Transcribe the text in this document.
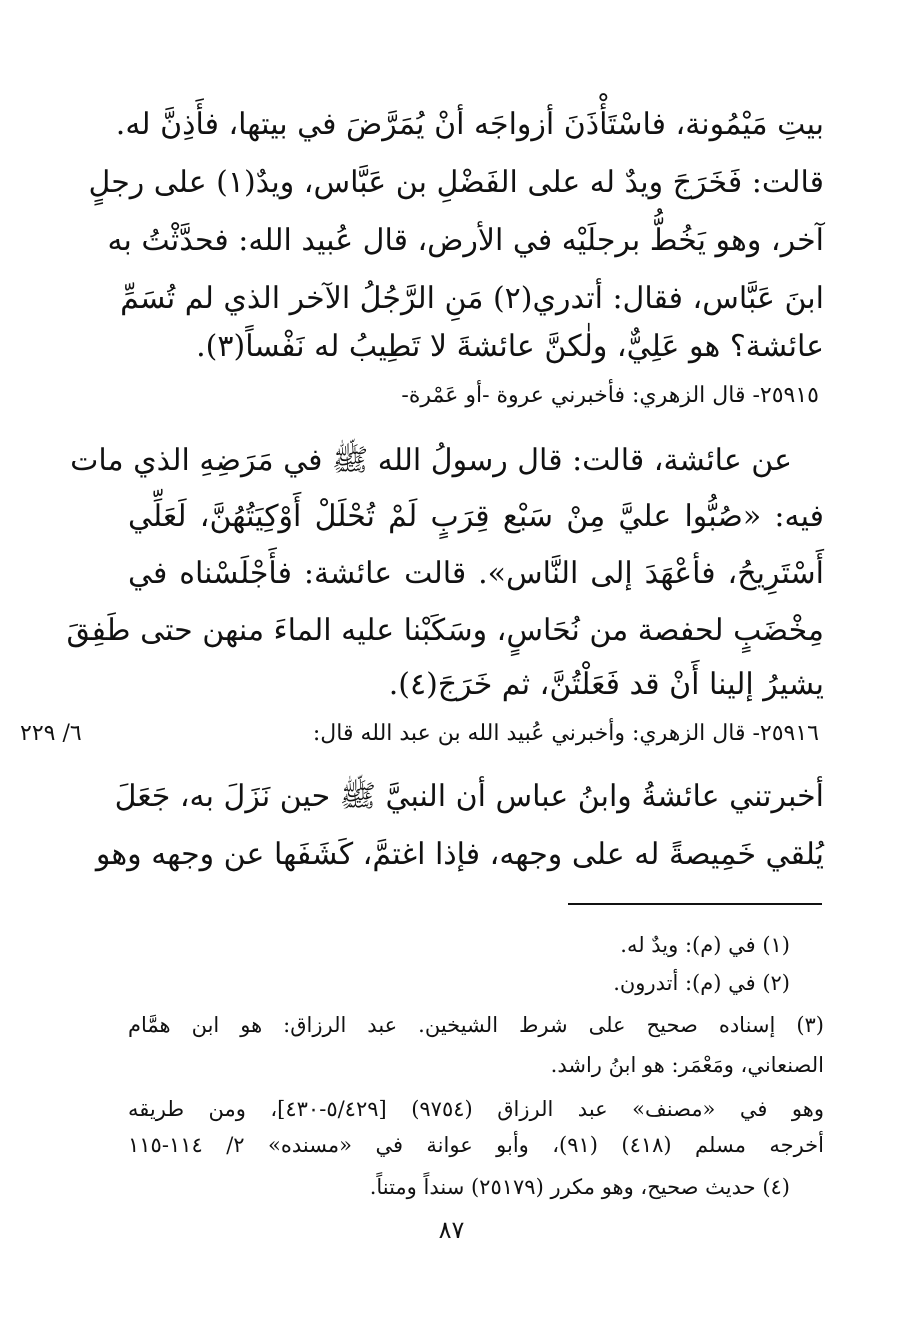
بيتِ مَيْمُونة، فاسْتَأْذَنَ أزواجَه أنْ يُمَرَّضَ في بيتها، فأَذِنَّ له.
قالت: فَخَرَجَ ويدٌ له على الفَضْلِ بن عَبَّاس، ويدٌ(١) على رجلٍ
آخر، وهو يَخُطُّ برجلَيْه في الأرض، قال عُبيد الله: فحدَّثْتُ به
ابنَ عَبَّاس، فقال: أتدري(٢) مَنِ الرَّجُلُ الآخر الذي لم تُسَمِّ
عائشة؟ هو عَلِيٌّ، ولٰكنَّ عائشةَ لا تَطِيبُ له نَفْساً(٣).
٢٥٩١٥- قال الزهري: فأخبرني عروة -أو عَمْرة-
عن عائشة، قالت: قال رسولُ الله ﷺ في مَرَضِهِ الذي مات
فيه: «صُبُّوا عليَّ مِنْ سَبْع قِرَبٍ لَمْ تُحْلَلْ أَوْكِيَتُهُنَّ، لَعَلِّي
أَسْتَرِيحُ، فأعْهَدَ إلى النَّاس». قالت عائشة: فأَجْلَسْناه في
مِخْضَبٍ لحفصة من نُحَاسٍ، وسَكَبْنا عليه الماءَ منهن حتى طَفِقَ
يشيرُ إلينا أَنْ قد فَعَلْتُنَّ، ثم خَرَجَ(٤).
٢٥٩١٦- قال الزهري: وأخبرني عُبيد الله بن عبد الله قال:
٦/ ٢٢٩
أخبرتني عائشةُ وابنُ عباس أن النبيَّ ﷺ حين نَزَلَ به، جَعَلَ
يُلقي خَمِيصةً له على وجهه، فإذا اغتمَّ، كَشَفَها عن وجهه وهو
(١) في (م): ويدٌ له.
(٢) في (م): أتدرون.
(٣) إسناده صحيح على شرط الشيخين. عبد الرزاق: هو ابن همَّام
الصنعاني، ومَعْمَر: هو ابنُ راشد.
وهو في «مصنف» عبد الرزاق (٩٧٥٤) [٥/٤٢٩-٤٣٠]، ومن طريقه
أخرجه مسلم (٤١٨) (٩١)، وأبو عوانة في «مسنده» ٢/ ١١٤-١١٥
(٤) حديث صحيح، وهو مكرر (٢٥١٧٩) سنداً ومتناً.
٨٧
